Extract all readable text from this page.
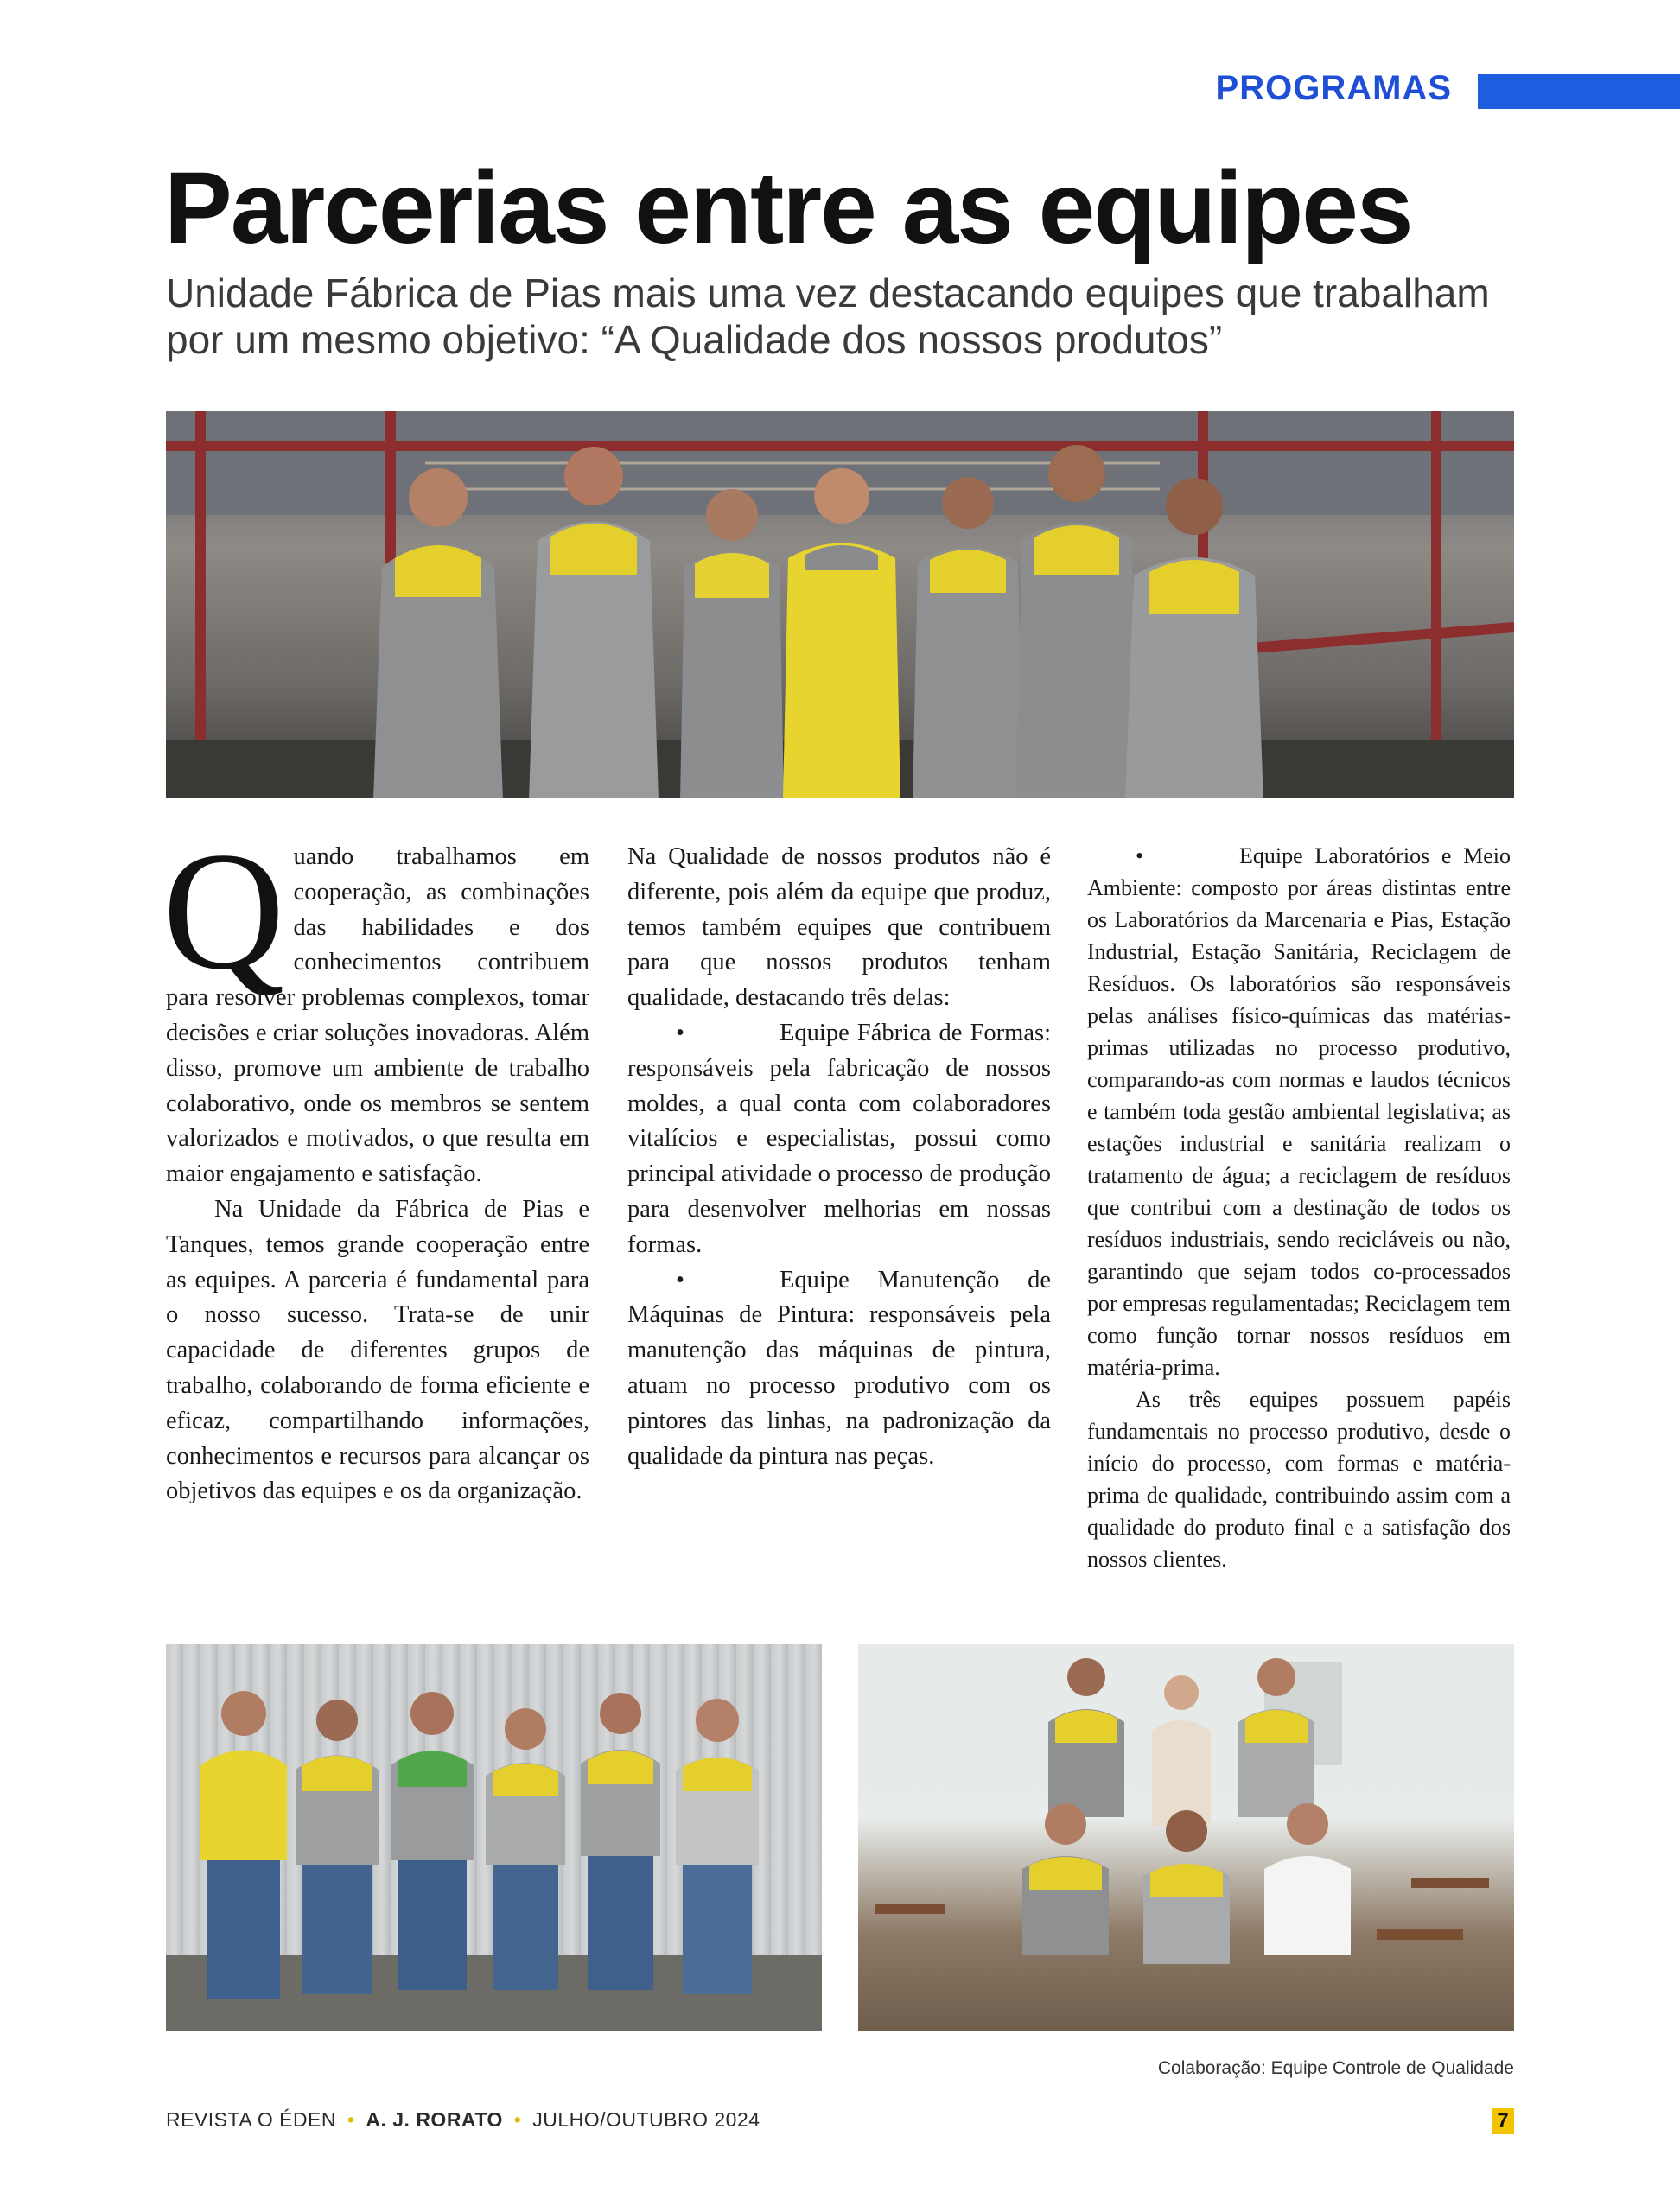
PROGRAMAS
Parcerias entre as equipes

Unidade Fábrica de Pias mais uma vez destacando equipes que trabalham por um mesmo objetivo: “A Qualidade dos nossos produtos”

Quando trabalhamos em cooperação, as combinações das habilidades e dos conhecimentos contribuem para resolver problemas complexos, tomar decisões e criar soluções inovadoras. Além disso, promove um ambiente de trabalho colaborativo, onde os membros se sentem valorizados e motivados, o que resulta em maior engajamento e satisfação.

Na Unidade da Fábrica de Pias e Tanques, temos grande cooperação entre as equipes. A parceria é fundamental para o nosso sucesso. Trata-se de unir capacidade de diferentes grupos de trabalho, colaborando de forma eficiente e eficaz, compartilhando informações, conhecimentos e recursos para alcançar os objetivos das equipes e os da organização.

Na Qualidade de nossos produtos não é diferente, pois além da equipe que produz, temos também equipes que contribuem para que nossos produtos tenham qualidade, destacando três delas:

•	Equipe Fábrica de Formas: responsáveis pela fabricação de nossos moldes, a qual conta com colaboradores vitalícios e especialistas, possui como principal atividade o processo de produção para desenvolver melhorias em nossas formas.

•	Equipe Manutenção de Máquinas de Pintura: responsáveis pela manutenção das máquinas de pintura, atuam no processo produtivo com os pintores das linhas, na padronização da qualidade da pintura nas peças.

•	Equipe Laboratórios e Meio Ambiente: composto por áreas distintas entre os Laboratórios da Marcenaria e Pias, Estação Industrial, Estação Sanitária, Reciclagem de Resíduos. Os laboratórios são responsáveis pelas análises físico-químicas das matérias-primas utilizadas no processo produtivo, comparando-as com normas e laudos técnicos e também toda gestão ambiental legislativa; as estações industrial e sanitária realizam o tratamento de água; a reciclagem de resíduos que contribui com a destinação de todos os resíduos industriais, sendo recicláveis ou não, garantindo que sejam todos co-processados por empresas regulamentadas; Reciclagem tem como função tornar nossos resíduos em matéria-prima.

As três equipes possuem papéis fundamentais no processo produtivo, desde o início do processo, com formas e matéria-prima de qualidade, contribuindo assim com a qualidade do produto final e a satisfação dos nossos clientes.

Colaboração: Equipe Controle de Qualidade
REVISTA O ÉDEN • A. J. RORATO • JULHO/OUTUBRO 2024	7
